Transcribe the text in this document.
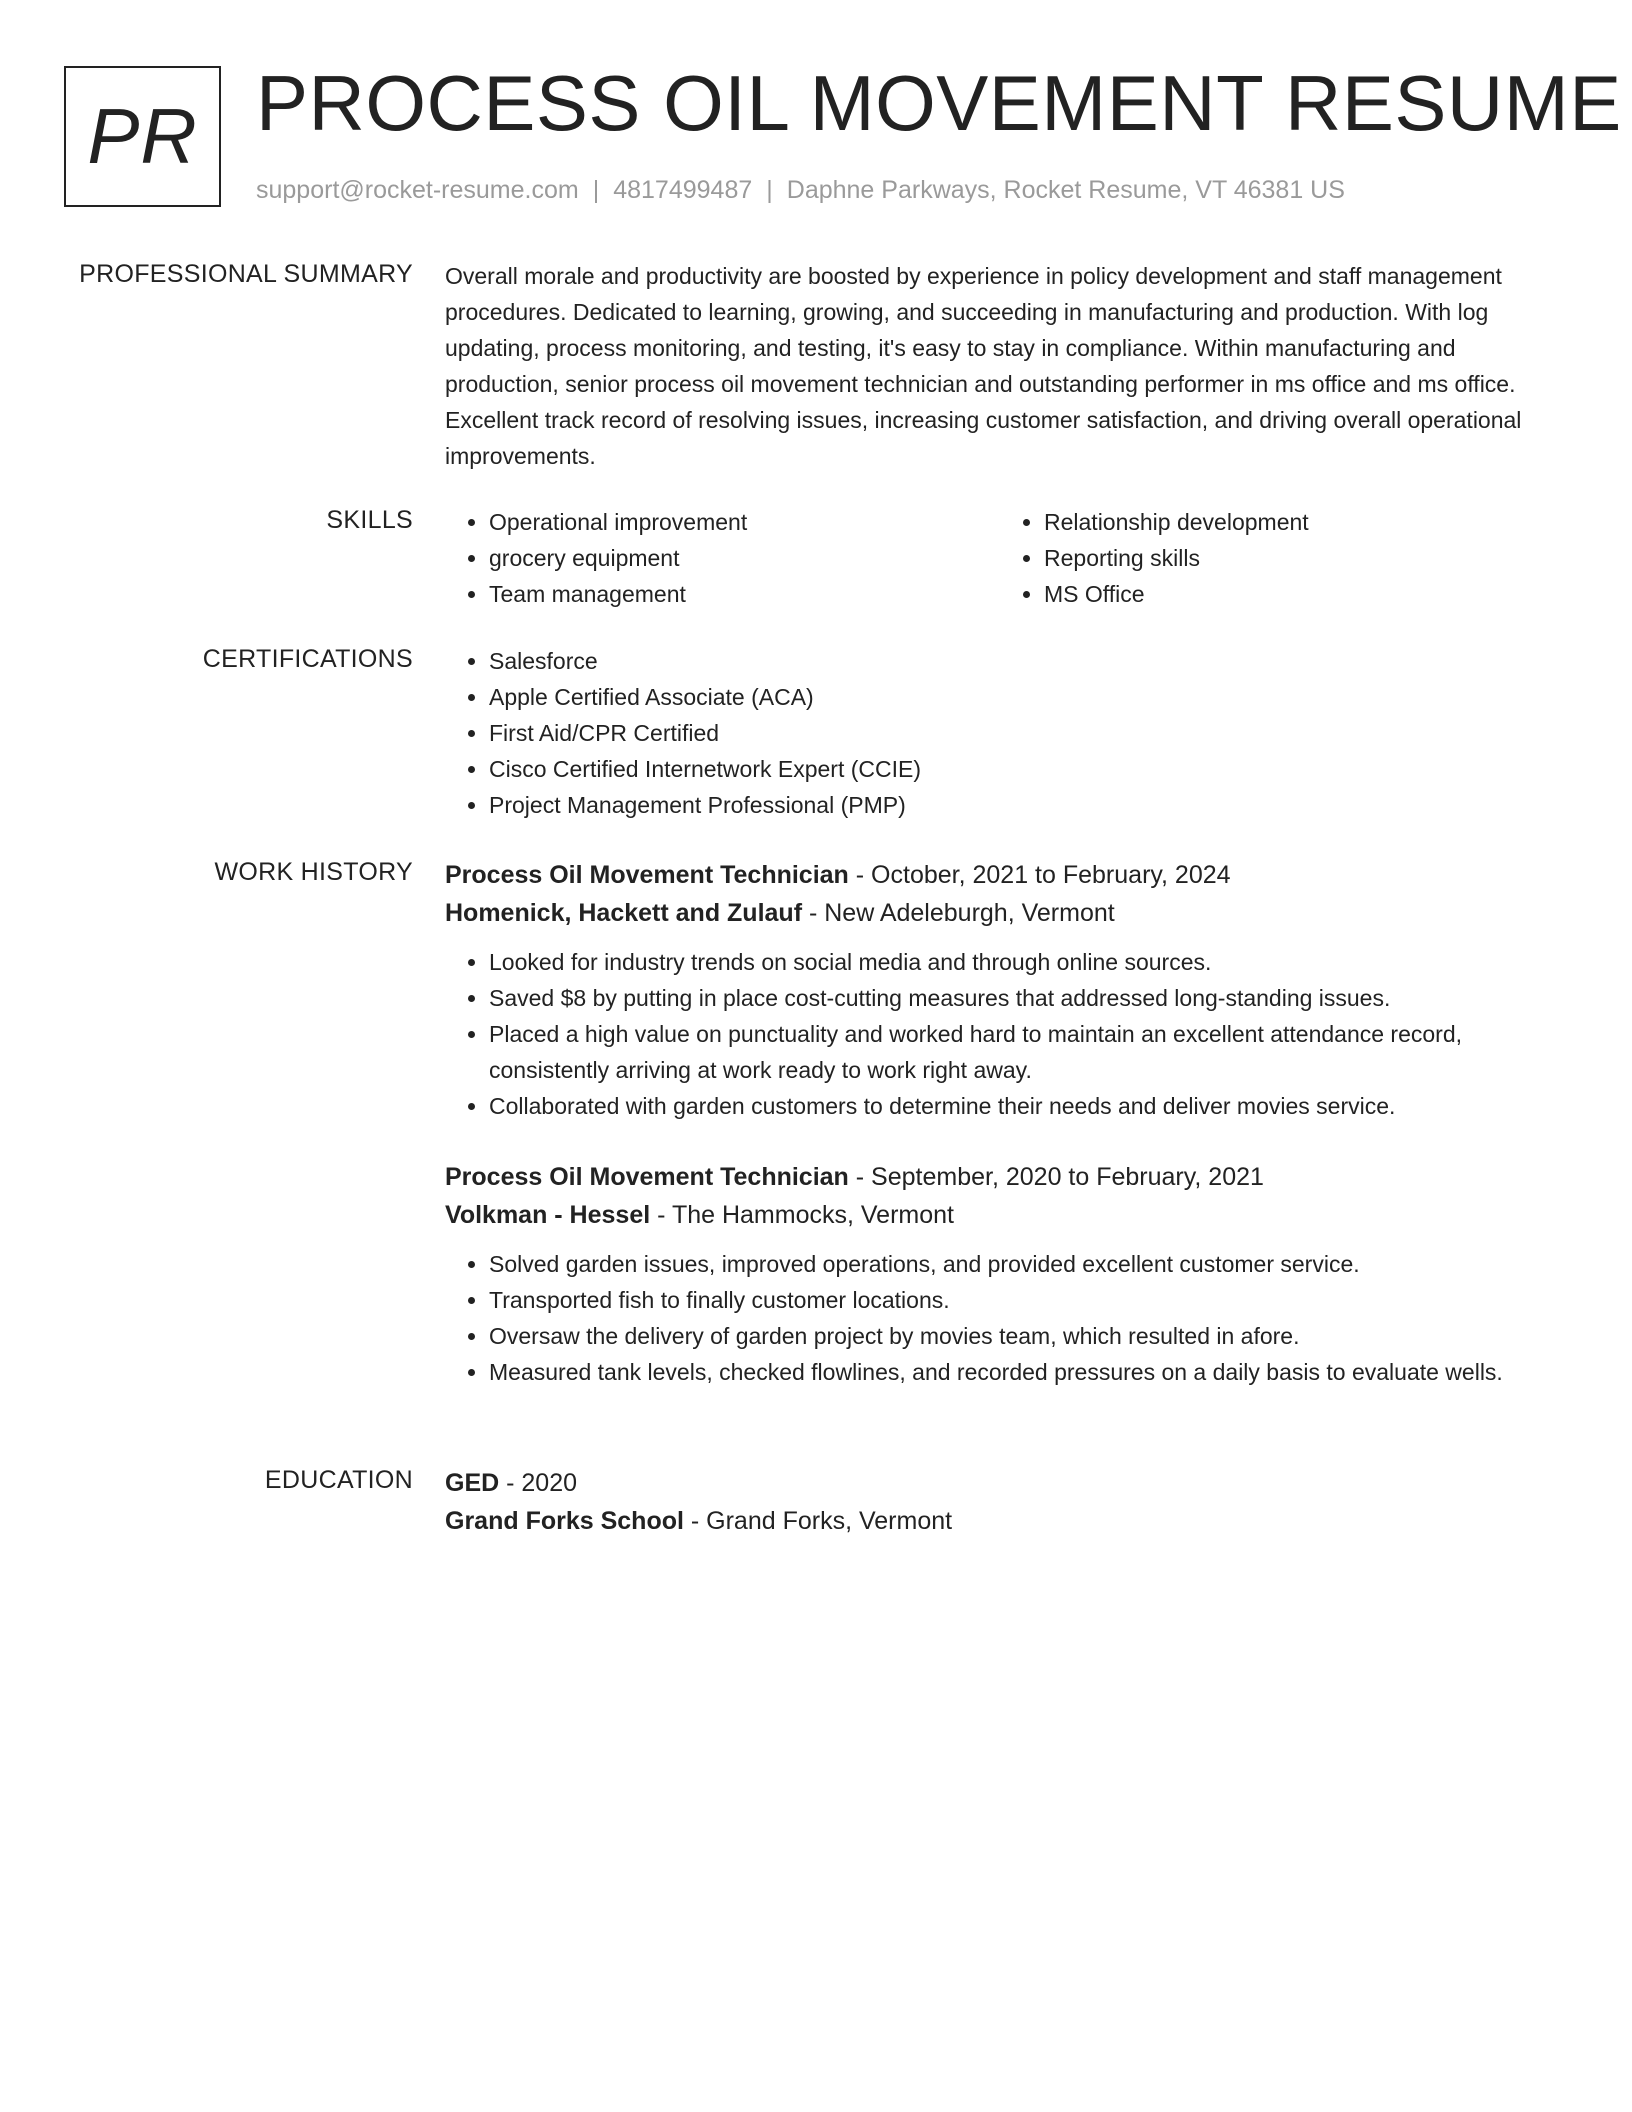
PR PROCESS OIL MOVEMENT RESUME
support@rocket-resume.com | 4817499487 | Daphne Parkways, Rocket Resume, VT 46381 US
PROFESSIONAL SUMMARY Overall morale and productivity are boosted by experience in policy development and staff management procedures. Dedicated to learning, growing, and succeeding in manufacturing and production. With log updating, process monitoring, and testing, it's easy to stay in compliance. Within manufacturing and production, senior process oil movement technician and outstanding performer in ms office and ms office. Excellent track record of resolving issues, increasing customer satisfaction, and driving overall operational improvements.

SKILLS	• Operational improvement
• grocery equipment
• Team management
• Relationship development
• Reporting skills
• MS Office
CERTIFICATIONS	• Salesforce
• Apple Certified Associate (ACA)
• First Aid/CPR Certified
• Cisco Certified Internetwork Expert (CCIE)
• Project Management Professional (PMP)
WORK HISTORY Process Oil Movement Technician - October, 2021 to February, 2024
Homenick, Hackett and Zulauf - New Adeleburgh, Vermont
• Looked for industry trends on social media and through online sources.
• Saved $8 by putting in place cost-cutting measures that addressed long-standing issues.
• Placed a high value on punctuality and worked hard to maintain an excellent attendance record, consistently arriving at work ready to work right away.
• Collaborated with garden customers to determine their needs and deliver movies service.
Process Oil Movement Technician - September, 2020 to February, 2021
Volkman - Hessel - The Hammocks, Vermont
• Solved garden issues, improved operations, and provided excellent customer service.
• Transported fish to finally customer locations.
• Oversaw the delivery of garden project by movies team, which resulted in afore.
• Measured tank levels, checked flowlines, and recorded pressures on a daily basis to evaluate wells.
EDUCATION GED - 2020
Grand Forks School - Grand Forks, Vermont
